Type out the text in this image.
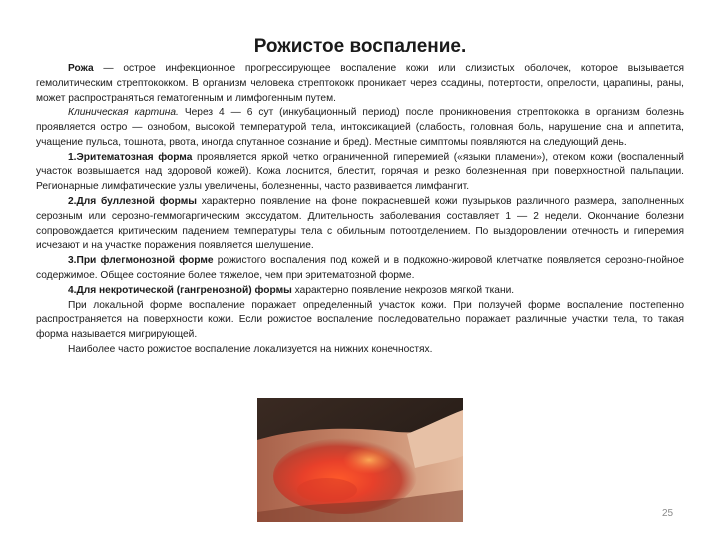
Рожистое воспаление.

Рожа — острое инфекционное прогрессирующее воспаление кожи или слизистых оболочек, которое вызывается гемолитическим стрептококком. В организм человека стрептококк проникает через ссадины, потертости, опрелости, царапины, раны, может распространяться гематогенным и лимфогенным путем.

Клиническая картина. Через 4 — 6 сут (инкубационный период) после проникновения стрептококка в организм болезнь проявляется остро — ознобом, высокой температурой тела, интоксикацией (слабость, головная боль, нарушение сна и аппетита, учащение пульса, тошнота, рвота, иногда спутанное сознание и бред). Местные симптомы появляются на следующий день.

1.Эритематозная форма проявляется яркой четко ограниченной гиперемией («языки пламени»), отеком кожи (воспаленный участок возвышается над здоровой кожей). Кожа лоснится, блестит, горячая и резко болезненная при поверхностной пальпации. Регионарные лимфатические узлы увеличены, болезненны, часто развивается лимфангит.

2.Для буллезной формы характерно появление на фоне покрасневшей кожи пузырьков различного размера, заполненных серозным или серозно-геммогаргическим экссудатом. Длительность заболевания составляет 1 — 2 недели. Окончание болезни сопровождается критическим падением температуры тела с обильным потоотделением. По выздоровлении отечность и гиперемия исчезают и на участке поражения появляется шелушение.

3.При флегмонозной форме рожистого воспаления под кожей и в подкожно-жировой клетчатке появляется серозно-гнойное содержимое. Общее состояние более тяжелое, чем при эритематозной форме.

4.Для некротической (гангренозной) формы характерно появление некрозов мягкой ткани.

При локальной форме воспаление поражает определенный участок кожи. При ползучей форме воспаление постепенно распространяется на поверхности кожи. Если рожистое воспаление последовательно поражает различные участки тела, то такая форма называется мигрирующей.

Наиболее часто рожистое воспаление локализуется на нижних конечностях.

25
